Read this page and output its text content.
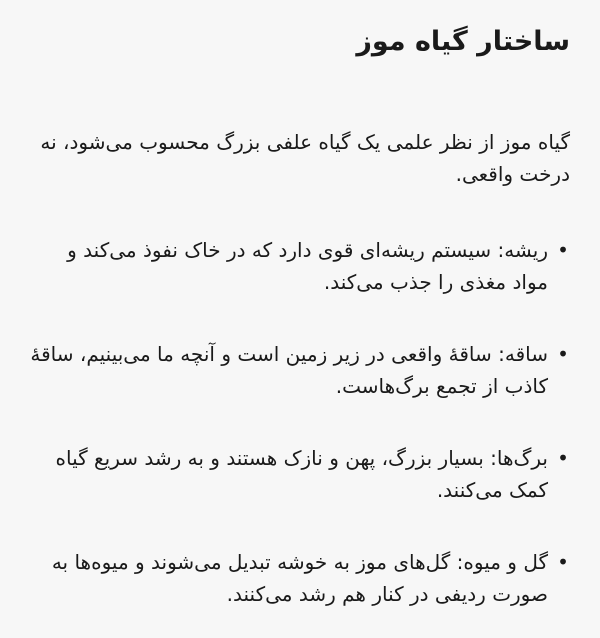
ساختار گیاه موز

گیاه موز از نظر علمی یک گیاه علفی بزرگ محسوب می‌شود، نه درخت واقعی.

•
ریشه: سیستم ریشه‌ای قوی دارد که در خاک نفوذ می‌کند و مواد مغذی را جذب می‌کند.
•
ساقه: ساقهٔ واقعی در زیر زمین است و آنچه ما می‌بینیم، ساقهٔ کاذب از تجمع برگ‌هاست.
•
برگ‌ها: بسیار بزرگ، پهن و نازک هستند و به رشد سریع گیاه کمک می‌کنند.
•
گل و میوه: گل‌های موز به خوشه تبدیل می‌شوند و میوه‌ها به صورت ردیفی در کنار هم رشد می‌کنند.
